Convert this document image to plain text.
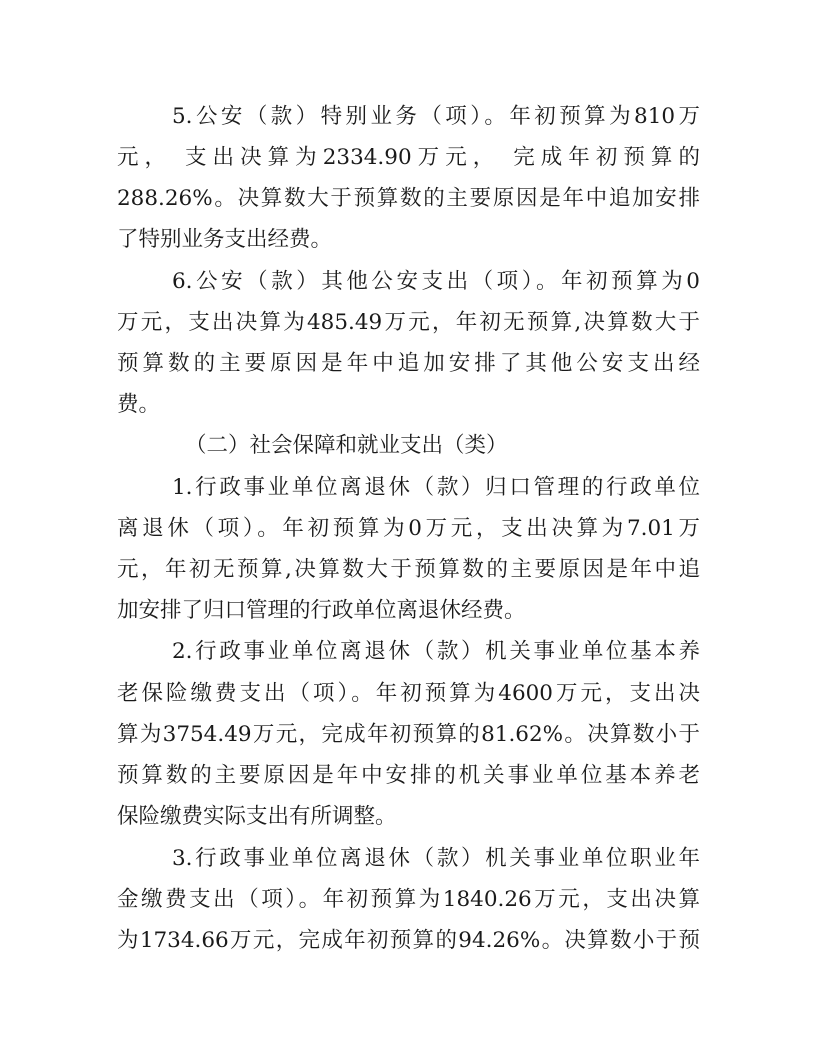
5.公安（款）特别业务（项）。年初预算为810万
元， 支出决算为2334.90万元， 完成年初预算的
288.26%。决算数大于预算数的主要原因是年中追加安排
了特别业务支出经费。
6.公安（款）其他公安支出（项）。年初预算为0
万元，支出决算为485.49万元，年初无预算,决算数大于
预算数的主要原因是年中追加安排了其他公安支出经
费。
（二）社会保障和就业支出（类）
1.行政事业单位离退休（款）归口管理的行政单位
离退休（项）。年初预算为0万元，支出决算为7.01万
元，年初无预算,决算数大于预算数的主要原因是年中追
加安排了归口管理的行政单位离退休经费。
2.行政事业单位离退休（款）机关事业单位基本养
老保险缴费支出（项）。年初预算为4600万元，支出决
算为3754.49万元，完成年初预算的81.62%。决算数小于
预算数的主要原因是年中安排的机关事业单位基本养老
保险缴费实际支出有所调整。
3.行政事业单位离退休（款）机关事业单位职业年
金缴费支出（项）。年初预算为1840.26万元，支出决算
为1734.66万元，完成年初预算的94.26%。决算数小于预
